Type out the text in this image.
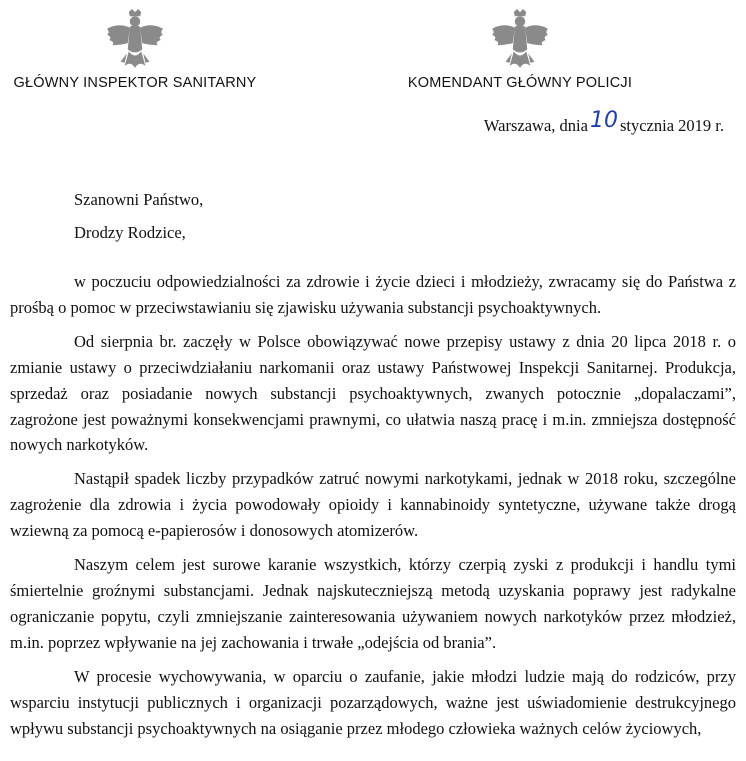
GŁÓWNY INSPEKTOR SANITARNY	KOMENDANT GŁÓWNY POLICJI
Warszawa, dnia10 stycznia 2019 r.
Szanowni Państwo,
Drodzy Rodzice,

w poczuciu odpowiedzialności za zdrowie i życie dzieci i młodzieży, zwracamy się do Państwa z prośbą o pomoc w przeciwstawianiu się zjawisku używania substancji psychoaktywnych.

Od sierpnia br. zaczęły w Polsce obowiązywać nowe przepisy ustawy z dnia 20 lipca 2018 r. o zmianie ustawy o przeciwdziałaniu narkomanii oraz ustawy Państwowej Inspekcji Sanitarnej. Produkcja, sprzedaż oraz posiadanie nowych substancji psychoaktywnych, zwanych potocznie „dopalaczami”, zagrożone jest poważnymi konsekwencjami prawnymi, co ułatwia naszą pracę i m.in. zmniejsza dostępność nowych narkotyków.

Nastąpił spadek liczby przypadków zatruć nowymi narkotykami, jednak w 2018 roku, szczególne zagrożenie dla zdrowia i życia powodowały opioidy i kannabinoidy syntetyczne, używane także drogą wziewną za pomocą e-papierosów i donosowych atomizerów.

Naszym celem jest surowe karanie wszystkich, którzy czerpią zyski z produkcji i handlu tymi śmiertelnie groźnymi substancjami. Jednak najskuteczniejszą metodą uzyskania poprawy jest radykalne ograniczanie popytu, czyli zmniejszanie zainteresowania używaniem nowych narkotyków przez młodzież, m.in. poprzez wpływanie na jej zachowania i trwałe „odejścia od brania”.

W procesie wychowywania, w oparciu o zaufanie, jakie młodzi ludzie mają do rodziców, przy wsparciu instytucji publicznych i organizacji pozarządowych, ważne jest uświadomienie destrukcyjnego wpływu substancji psychoaktywnych na osiąganie przez młodego człowieka ważnych celów życiowych,
